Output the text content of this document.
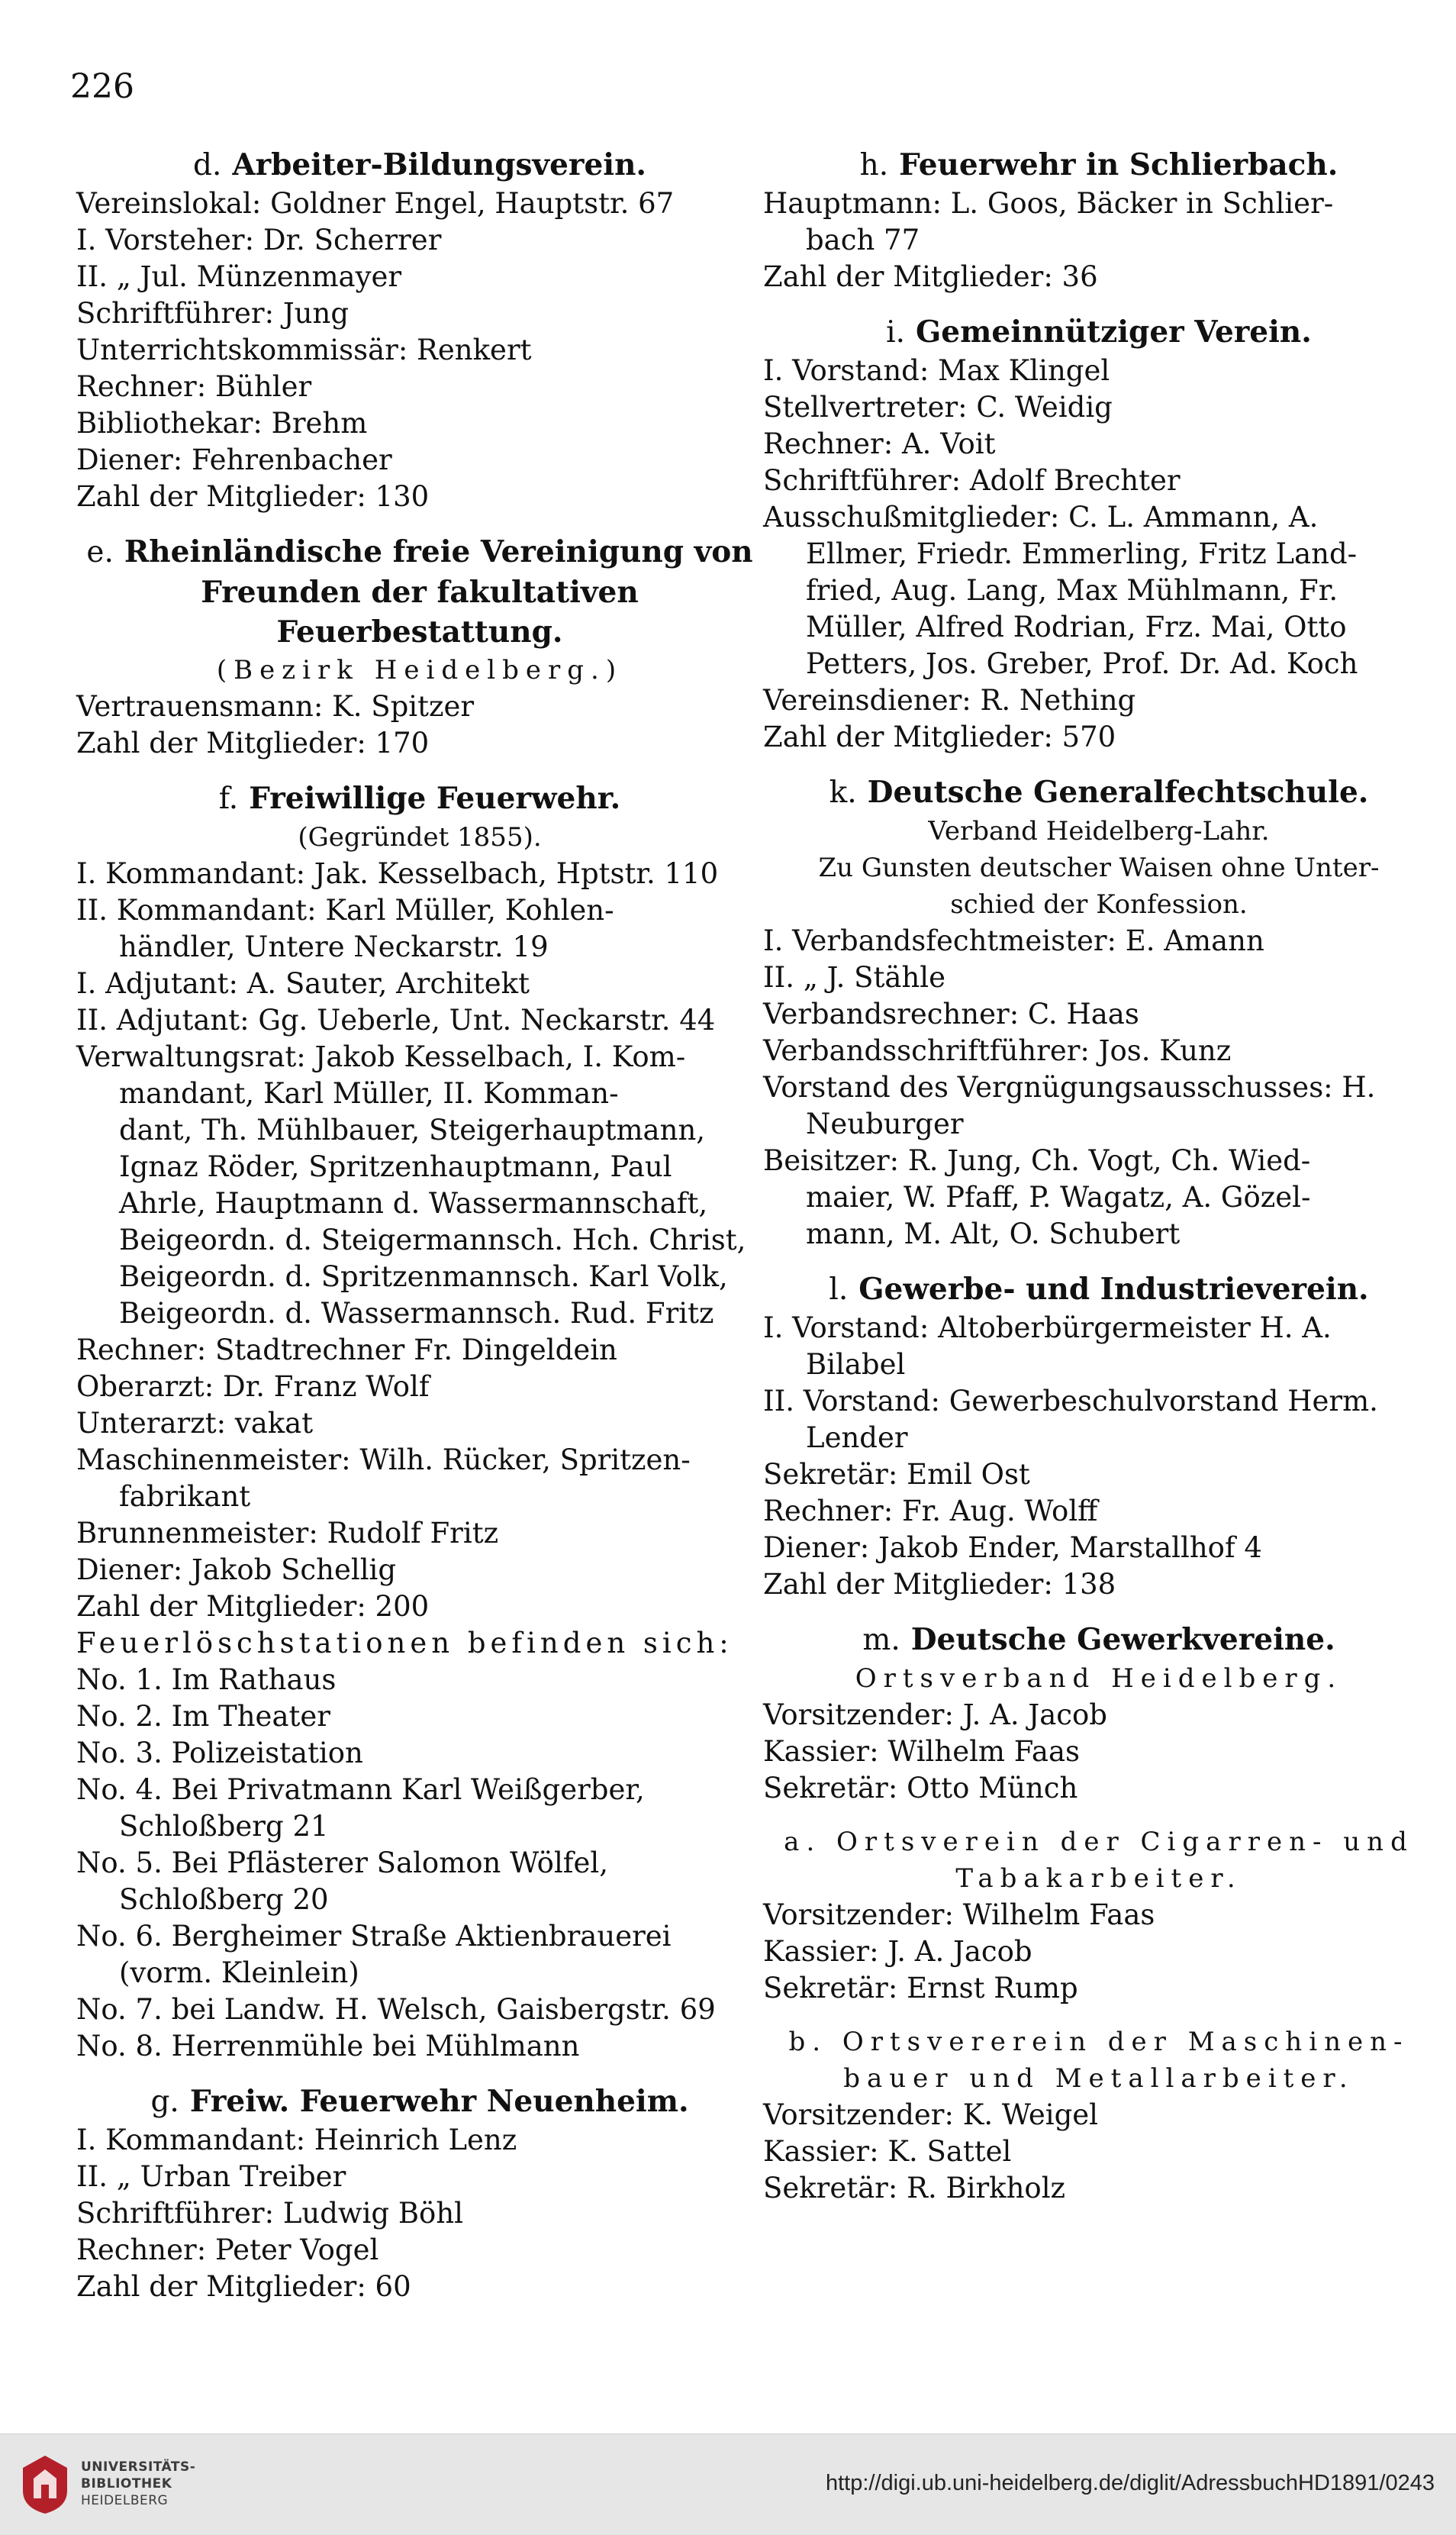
226
d. Arbeiter-Bildungsverein.
Vereinslokal: Goldner Engel, Hauptstr. 67
I. Vorsteher: Dr. Scherrer
II. „ Jul. Münzenmayer
Schriftführer: Jung
Unterrichtskommissär: Renkert
Rechner: Bühler
Bibliothekar: Brehm
Diener: Fehrenbacher
Zahl der Mitglieder: 130
e. Rheinländische freie Vereinigung von Freunden der fakultativen Feuerbestattung.
(Bezirk Heidelberg.)
Vertrauensmann: K. Spitzer
Zahl der Mitglieder: 170
f. Freiwillige Feuerwehr.
(Gegründet 1855).
I. Kommandant: Jak. Kesselbach, Hptstr. 110
II. Kommandant: Karl Müller, Kohlen-
händler, Untere Neckarstr. 19
I. Adjutant: A. Sauter, Architekt
II. Adjutant: Gg. Ueberle, Unt. Neckarstr. 44
Verwaltungsrat: Jakob Kesselbach, I. Kom-
mandant, Karl Müller, II. Komman-
dant, Th. Mühlbauer, Steigerhauptmann,
Ignaz Röder, Spritzenhauptmann, Paul
Ahrle, Hauptmann d. Wassermannschaft,
Beigeordn. d. Steigermannsch. Hch. Christ,
Beigeordn. d. Spritzenmannsch. Karl Volk,
Beigeordn. d. Wassermannsch. Rud. Fritz
Rechner: Stadtrechner Fr. Dingeldein
Oberarzt: Dr. Franz Wolf
Unterarzt: vakat
Maschinenmeister: Wilh. Rücker, Spritzen-
fabrikant
Brunnenmeister: Rudolf Fritz
Diener: Jakob Schellig
Zahl der Mitglieder: 200
Feuerlöschstationen befinden sich:
No. 1. Im Rathaus
No. 2. Im Theater
No. 3. Polizeistation
No. 4. Bei Privatmann Karl Weißgerber,
Schloßberg 21
No. 5. Bei Pflästerer Salomon Wölfel,
Schloßberg 20
No. 6. Bergheimer Straße Aktienbrauerei
(vorm. Kleinlein)
No. 7. bei Landw. H. Welsch, Gaisbergstr. 69
No. 8. Herrenmühle bei Mühlmann
g. Freiw. Feuerwehr Neuenheim.
I. Kommandant: Heinrich Lenz
II. „ Urban Treiber
Schriftführer: Ludwig Böhl
Rechner: Peter Vogel
Zahl der Mitglieder: 60
h. Feuerwehr in Schlierbach.
Hauptmann: L. Goos, Bäcker in Schlier-
bach 77
Zahl der Mitglieder: 36
i. Gemeinnütziger Verein.
I. Vorstand: Max Klingel
Stellvertreter: C. Weidig
Rechner: A. Voit
Schriftführer: Adolf Brechter
Ausschußmitglieder: C. L. Ammann, A.
Ellmer, Friedr. Emmerling, Fritz Land-
fried, Aug. Lang, Max Mühlmann, Fr.
Müller, Alfred Rodrian, Frz. Mai, Otto
Petters, Jos. Greber, Prof. Dr. Ad. Koch
Vereinsdiener: R. Nething
Zahl der Mitglieder: 570
k. Deutsche Generalfechtschule.
Verband Heidelberg-Lahr.
Zu Gunsten deutscher Waisen ohne Unter-
schied der Konfession.
I. Verbandsfechtmeister: E. Amann
II. „ J. Stähle
Verbandsrechner: C. Haas
Verbandsschriftführer: Jos. Kunz
Vorstand des Vergnügungsausschusses: H.
Neuburger
Beisitzer: R. Jung, Ch. Vogt, Ch. Wied-
maier, W. Pfaff, P. Wagatz, A. Gözel-
mann, M. Alt, O. Schubert
l. Gewerbe- und Industrieverein.
I. Vorstand: Altoberbürgermeister H. A.
Bilabel
II. Vorstand: Gewerbeschulvorstand Herm.
Lender
Sekretär: Emil Ost
Rechner: Fr. Aug. Wolff
Diener: Jakob Ender, Marstallhof 4
Zahl der Mitglieder: 138
m. Deutsche Gewerkvereine.
Ortsverband Heidelberg.
Vorsitzender: J. A. Jacob
Kassier: Wilhelm Faas
Sekretär: Otto Münch
a. Ortsverein der Cigarren- und
Tabakarbeiter.
Vorsitzender: Wilhelm Faas
Kassier: J. A. Jacob
Sekretär: Ernst Rump
b. Ortsvererein der Maschinen-
bauer und Metallarbeiter.
Vorsitzender: K. Weigel
Kassier: K. Sattel
Sekretär: R. Birkholz
UNIVERSITÄTS-
BIBLIOTHEK
HEIDELBERG
http://digi.ub.uni-heidelberg.de/diglit/AdressbuchHD1891/0243
